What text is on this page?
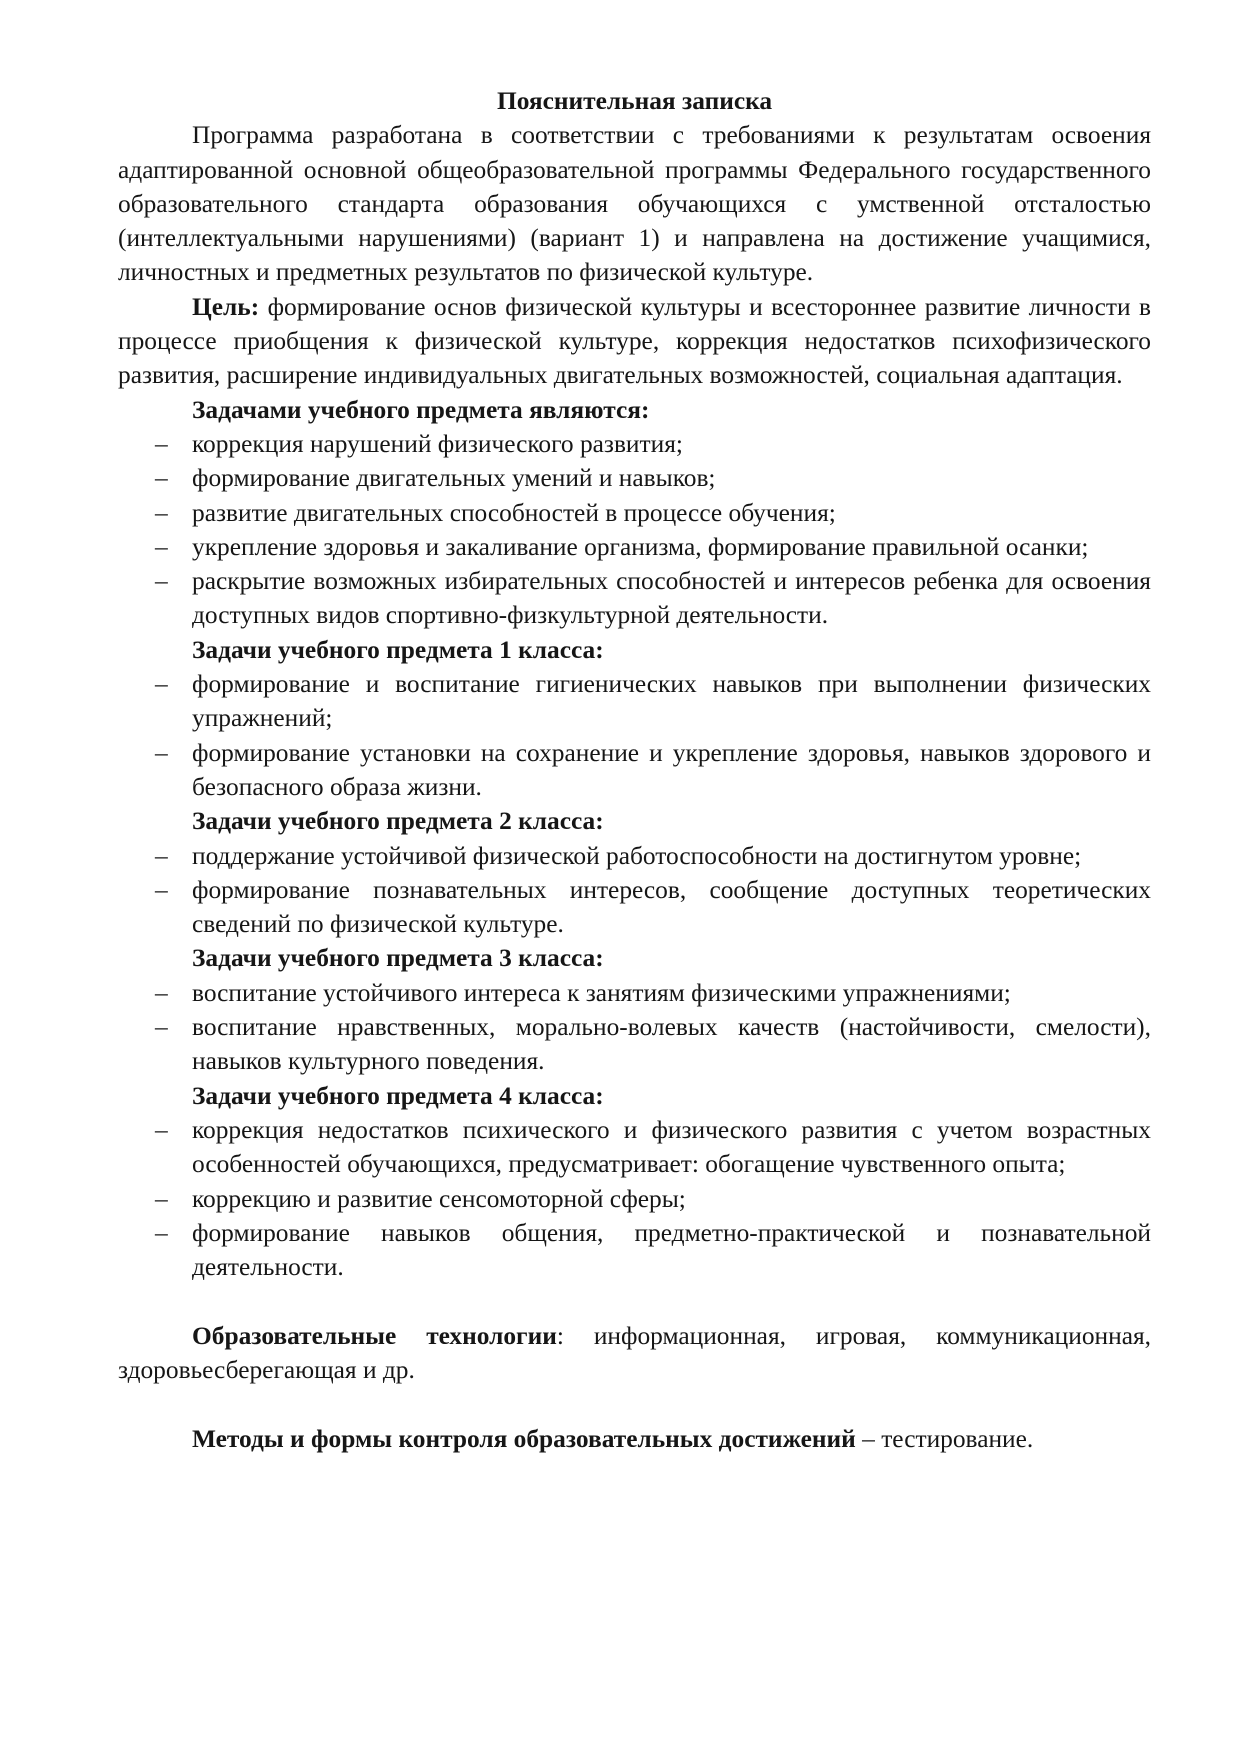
Пояснительная записка

Программа разработана в соответствии с требованиями к результатам освоения адаптированной основной общеобразовательной программы Федерального государственного образовательного стандарта образования обучающихся с умственной отсталостью (интеллектуальными нарушениями) (вариант 1) и направлена на достижение учащимися, личностных и предметных результатов по физической культуре.

Цель: формирование основ физической культуры и всестороннее развитие личности в процессе приобщения к физической культуре, коррекция недостатков психофизического развития, расширение индивидуальных двигательных возможностей, социальная адаптация.

Задачами учебного предмета являются:

– коррекция нарушений физического развития;
– формирование двигательных умений и навыков;
– развитие двигательных способностей в процессе обучения;
– укрепление здоровья и закаливание организма, формирование правильной осанки;
– раскрытие возможных избирательных способностей и интересов ребенка для освоения доступных видов спортивно-физкультурной деятельности.

Задачи учебного предмета 1 класса:

– формирование и воспитание гигиенических навыков при выполнении физических упражнений;
– формирование установки на сохранение и укрепление здоровья, навыков здорового и безопасного образа жизни.

Задачи учебного предмета 2 класса:

– поддержание устойчивой физической работоспособности на достигнутом уровне;
– формирование познавательных интересов, сообщение доступных теоретических сведений по физической культуре.

Задачи учебного предмета 3 класса:

– воспитание устойчивого интереса к занятиям физическими упражнениями;
– воспитание нравственных, морально-волевых качеств (настойчивости, смелости), навыков культурного поведения.

Задачи учебного предмета 4 класса:

– коррекция недостатков психического и физического развития с учетом возрастных особенностей обучающихся, предусматривает: обогащение чувственного опыта;
– коррекцию и развитие сенсомоторной сферы;
– формирование навыков общения, предметно-практической и познавательной деятельности.

Образовательные технологии: информационная, игровая, коммуникационная, здоровьесберегающая и др.

Методы и формы контроля образовательных достижений – тестирование.
